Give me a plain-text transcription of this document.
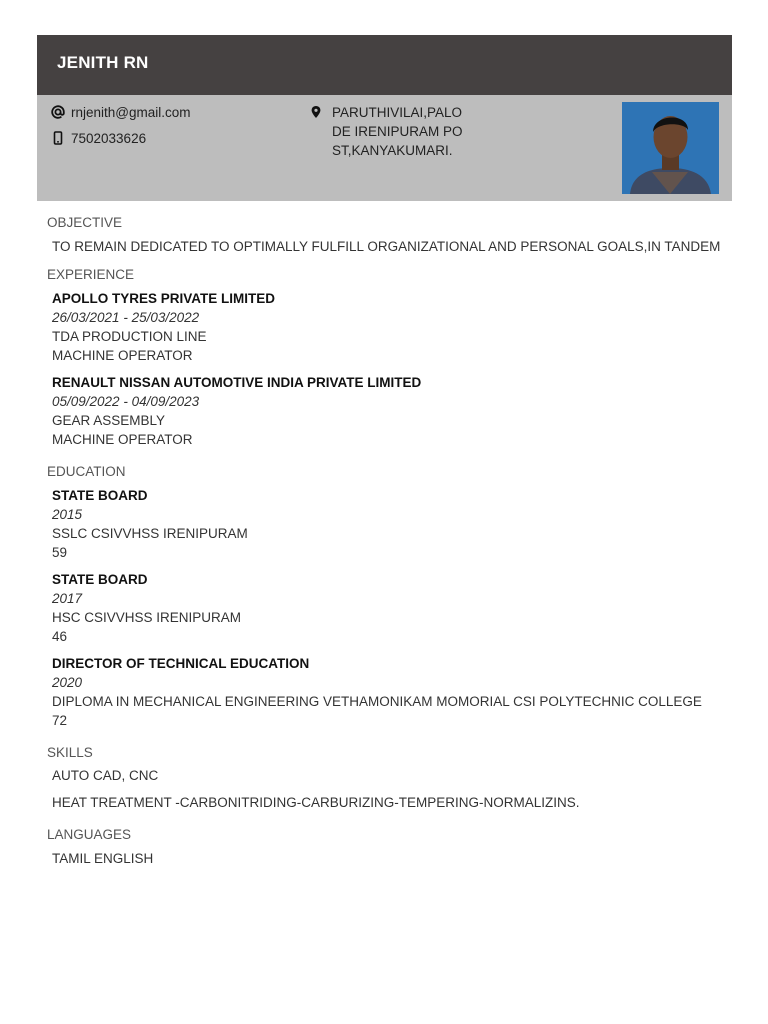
JENITH RN
rnjenith@gmail.com
7502033626
PARUTHIVILAI,PALO
DE IRENIPURAM PO
ST,KANYAKUMARI.
OBJECTIVE
TO REMAIN DEDICATED TO OPTIMALLY FULFILL ORGANIZATIONAL AND PERSONAL GOALS,IN TANDEM
EXPERIENCE
APOLLO TYRES PRIVATE LIMITED
26/03/2021 - 25/03/2022
TDA PRODUCTION LINE
MACHINE OPERATOR
RENAULT NISSAN AUTOMOTIVE INDIA PRIVATE LIMITED
05/09/2022 - 04/09/2023
GEAR ASSEMBLY
MACHINE OPERATOR
EDUCATION
STATE BOARD
2015
SSLC CSIVVHSS IRENIPURAM
59
STATE BOARD
2017
HSC CSIVVHSS IRENIPURAM
46
DIRECTOR OF TECHNICAL EDUCATION
2020
DIPLOMA IN MECHANICAL ENGINEERING VETHAMONIKAM MOMORIAL CSI POLYTECHNIC COLLEGE
72
SKILLS
AUTO CAD, CNC
HEAT TREATMENT -CARBONITRIDING-CARBURIZING-TEMPERING-NORMALIZINS.
LANGUAGES
TAMIL ENGLISH
